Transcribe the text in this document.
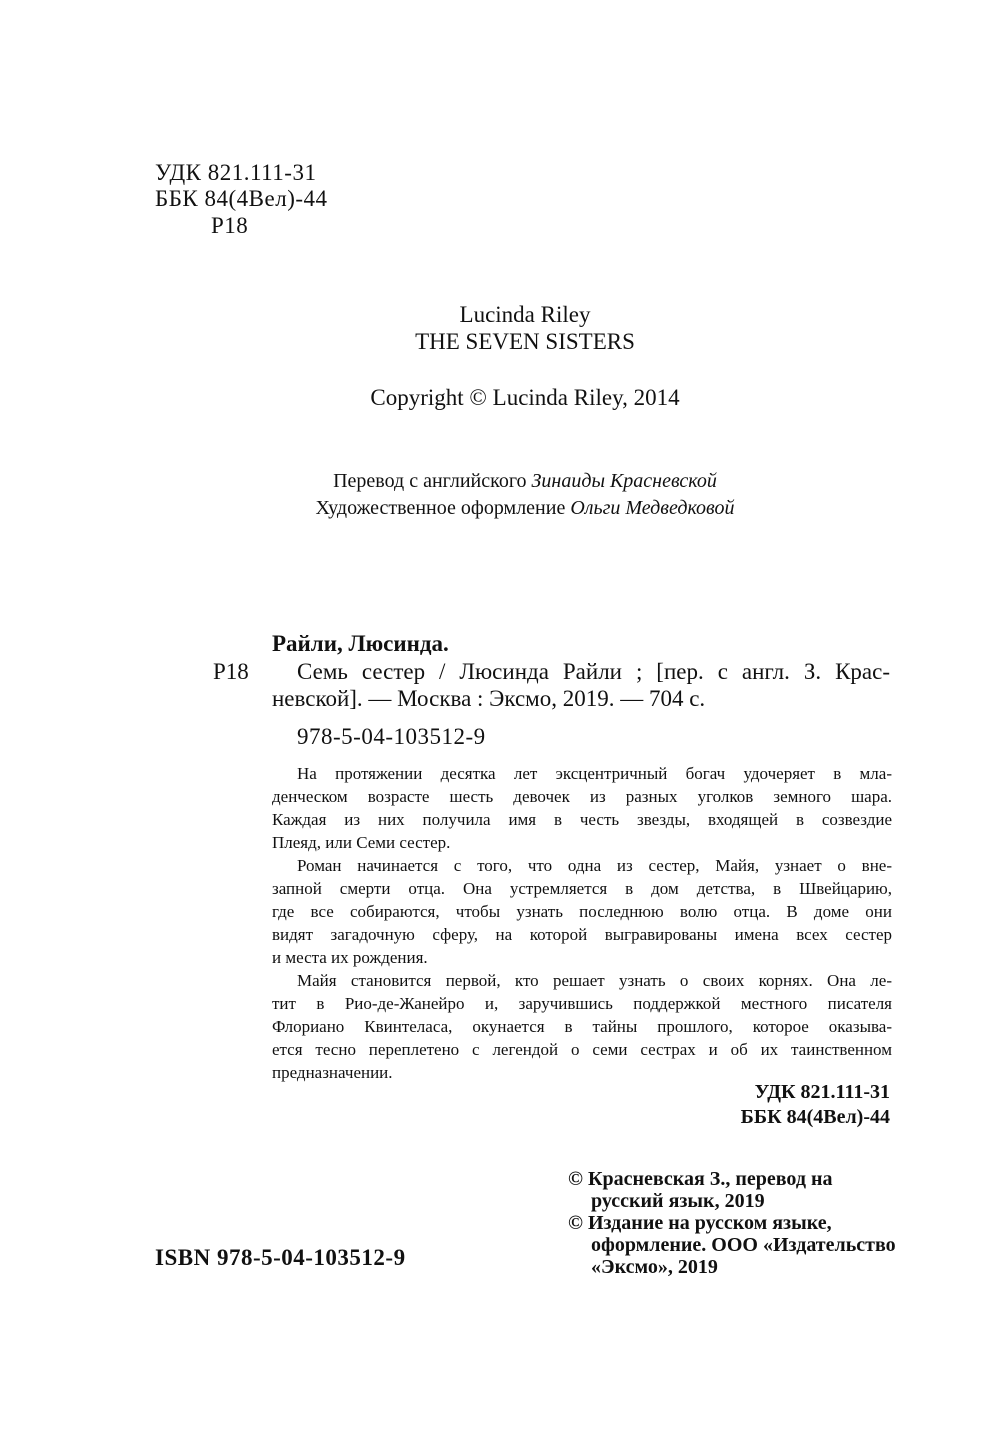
УДК 821.111-31
ББК 84(4Вел)-44
Р18
Lucinda Riley
THE SEVEN SISTERS
Copyright © Lucinda Riley, 2014
Перевод с английского Зинаиды Красневской
Художественное оформление Ольги Медведковой
Райли, Люсинда.
Р18 Семь сестер / Люсинда Райли ; [пер. с англ. З. Крас-
невской]. — Москва : Эксмо, 2019. — 704 с.
978-5-04-103512-9
На протяжении десятка лет эксцентричный богач удочеряет в мла-
денческом возрасте шесть девочек из разных уголков земного шара.
Каждая из них получила имя в честь звезды, входящей в созвездие
Плеяд, или Семи сестер.
Роман начинается с того, что одна из сестер, Майя, узнает о вне-
запной смерти отца. Она устремляется в дом детства, в Швейцарию,
где все собираются, чтобы узнать последнюю волю отца. В доме они
видят загадочную сферу, на которой выгравированы имена всех сестер
и места их рождения.
Майя становится первой, кто решает узнать о своих корнях. Она ле-
тит в Рио-де-Жанейро и, заручившись поддержкой местного писателя
Флориано Квинтеласа, окунается в тайны прошлого, которое оказыва-
ется тесно переплетено с легендой о семи сестрах и об их таинственном
предназначении.
УДК 821.111-31
ББК 84(4Вел)-44
© Красневская З., перевод на
русский язык, 2019
© Издание на русском языке,
оформление. ООО «Издательство
«Эксмо», 2019
ISBN 978-5-04-103512-9
